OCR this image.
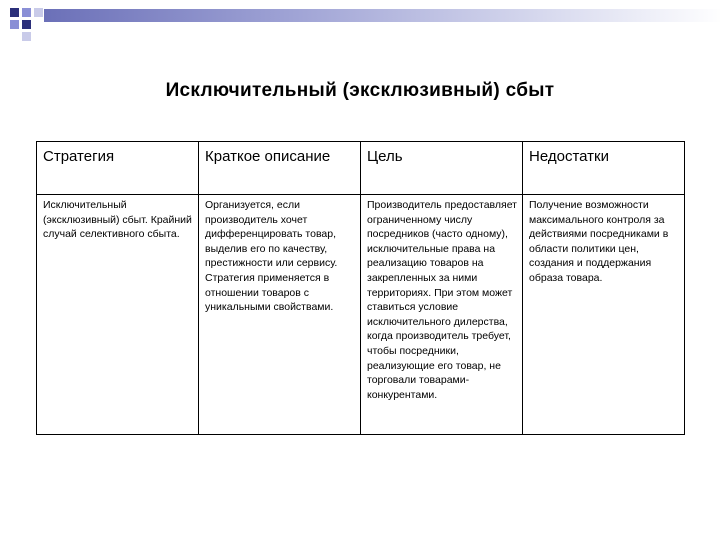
Исключительный (эксклюзивный) сбыт
Стратегия	Краткое описание	Цель	Недостатки
Исключительный (эксклюзивный) сбыт. Крайний случай селективного сбыта.	Организуется, если производитель хочет дифференцировать товар, выделив его по качеству, престижности или сервису. Стратегия применяется в отношении товаров с уникальными свойствами.	Производитель предоставляет ограниченному числу посредников (часто одному), исключительные права на реализацию товаров на закрепленных за ними территориях. При этом может ставиться условие исключительного дилерства, когда производитель требует, чтобы посредники, реализующие его товар, не торговали товарами-конкурентами.	Получение возможности максимального контроля за действиями посредниками в области политики цен, создания и поддержания образа товара.
